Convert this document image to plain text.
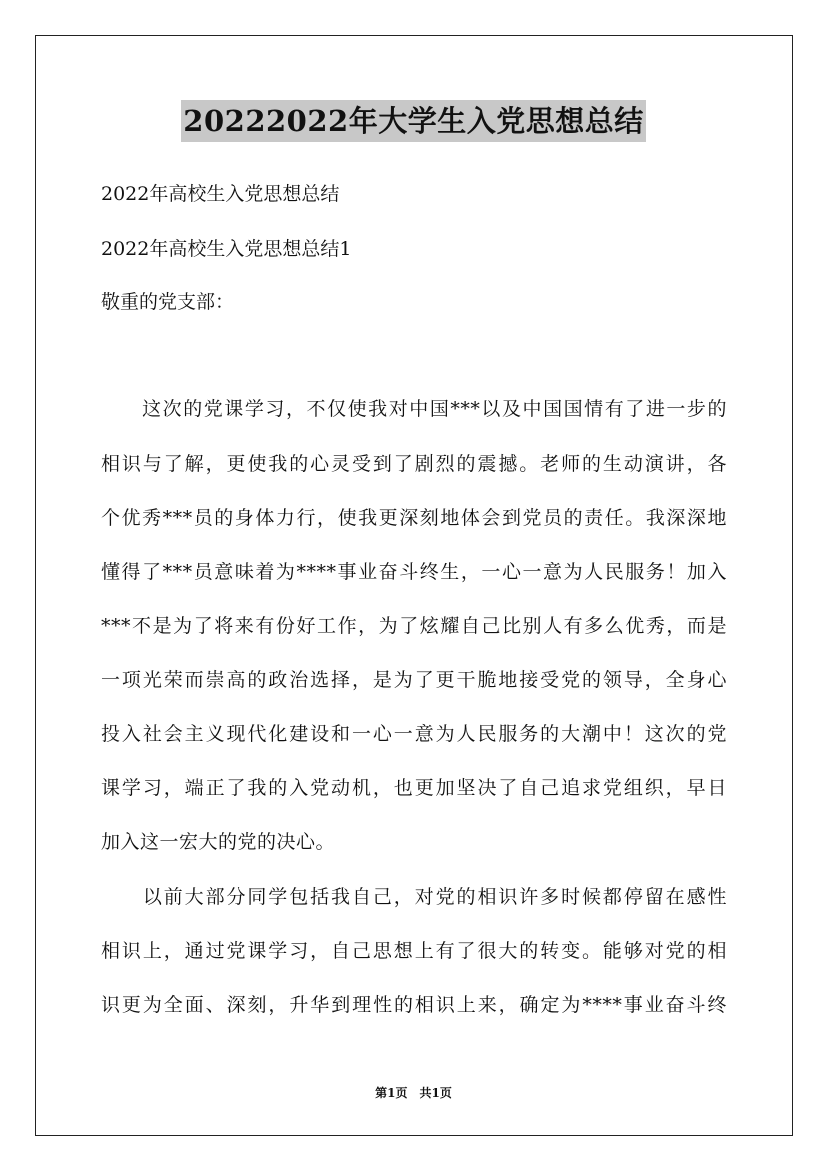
20222022年大学生入党思想总结
2022年高校生入党思想总结
2022年高校生入党思想总结1
敬重的党支部：
　　这次的党课学习，不仅使我对中国***以及中国国情有了进一步的
相识与了解，更使我的心灵受到了剧烈的震撼。老师的生动演讲，各
个优秀***员的身体力行，使我更深刻地体会到党员的责任。我深深地
懂得了***员意味着为****事业奋斗终生，一心一意为人民服务！加入
***不是为了将来有份好工作，为了炫耀自己比别人有多么优秀，而是
一项光荣而崇高的政治选择，是为了更干脆地接受党的领导，全身心
投入社会主义现代化建设和一心一意为人民服务的大潮中！这次的党
课学习，端正了我的入党动机，也更加坚决了自己追求党组织，早日
加入这一宏大的党的决心。
　　以前大部分同学包括我自己，对党的相识许多时候都停留在感性
相识上，通过党课学习，自己思想上有了很大的转变。能够对党的相
识更为全面、深刻，升华到理性的相识上来，确定为****事业奋斗终
第1页　共1页
